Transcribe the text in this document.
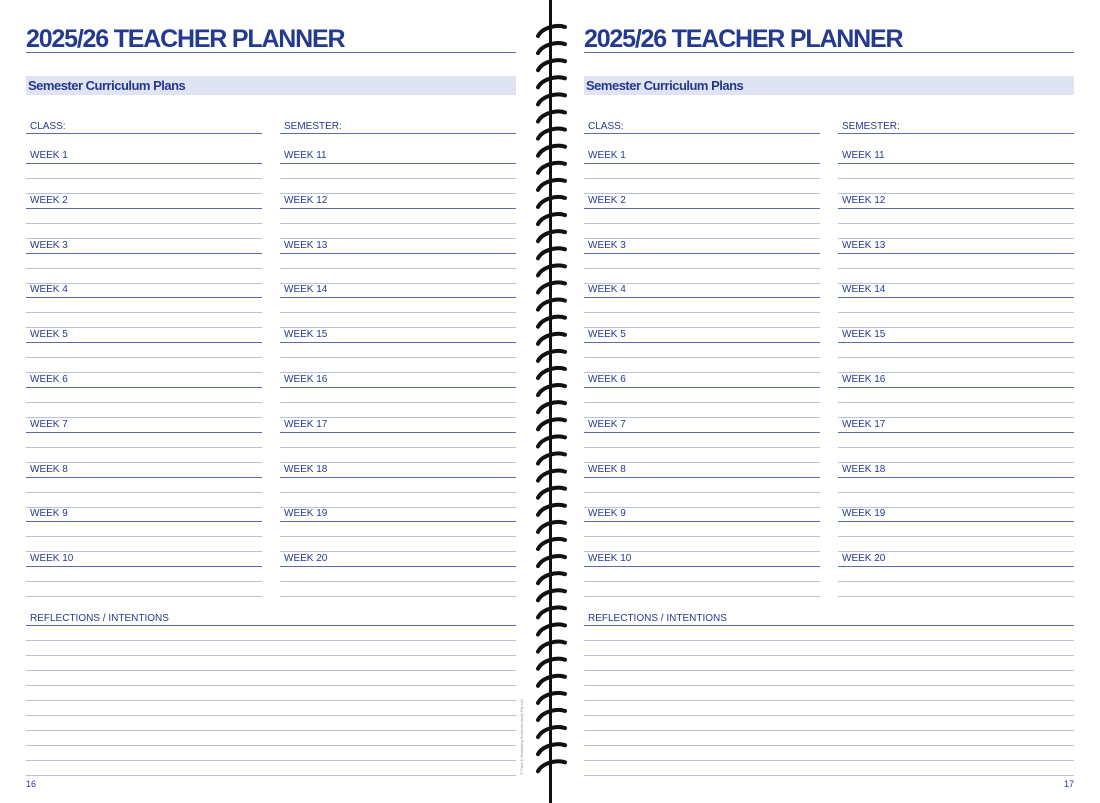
2025/26 TEACHER PLANNER
Semester Curriculum Plans
CLASS:
WEEK 1
WEEK 2
WEEK 3
WEEK 4
WEEK 5
WEEK 6
WEEK 7
WEEK 8
WEEK 9
WEEK 10
SEMESTER:
WEEK 11
WEEK 12
WEEK 13
WEEK 14
WEEK 15
WEEK 16
WEEK 17
WEEK 18
WEEK 19
WEEK 20
REFLECTIONS / INTENTIONS
16
2025/26 TEACHER PLANNER
Semester Curriculum Plans
CLASS:
WEEK 1
WEEK 2
WEEK 3
WEEK 4
WEEK 5
WEEK 6
WEEK 7
WEEK 8
WEEK 9
WEEK 10
SEMESTER:
WEEK 11
WEEK 12
WEEK 13
WEEK 14
WEEK 15
WEEK 16
WEEK 17
WEEK 18
WEEK 19
WEEK 20
REFLECTIONS / INTENTIONS
17
© Print & Marketing Services (Aus) Pty Ltd
